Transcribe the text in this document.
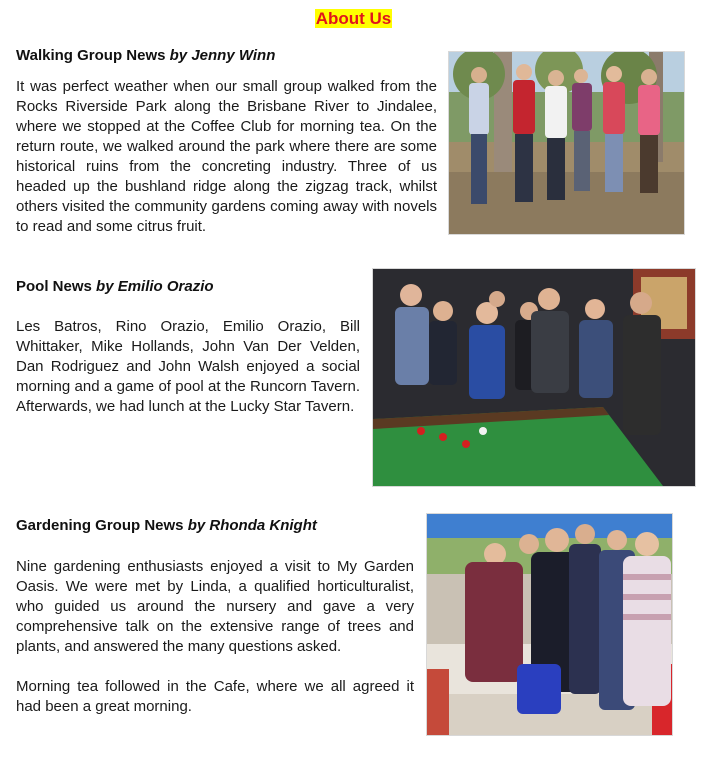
About Us
Walking Group News by Jenny Winn

It was perfect weather when our small group walked from the Rocks Riverside Park along the Brisbane River to Jindalee, where we stopped at the Coffee Club for morning tea. On the return route, we walked around the park where there are some historical ruins from the concreting industry. Three of us headed up the bushland ridge along the zigzag track, whilst others visited the community gardens coming away with novels to read and some citrus fruit.

Pool News by Emilio Orazio

Les Batros, Rino Orazio, Emilio Orazio, Bill Whittaker, Mike Hollands, John Van Der Velden, Dan Rodriguez and John Walsh enjoyed a social morning and a game of pool at the Runcorn Tavern. Afterwards, we had lunch at the Lucky Star Tavern.

Gardening Group News by Rhonda Knight

Nine gardening enthusiasts enjoyed a visit to My Garden Oasis. We were met by Linda, a qualified horticulturalist, who guided us around the nursery and gave a very comprehensive talk on the extensive range of trees and plants, and answered the many questions asked.

Morning tea followed in the Cafe, where we all agreed it had been a great morning.
